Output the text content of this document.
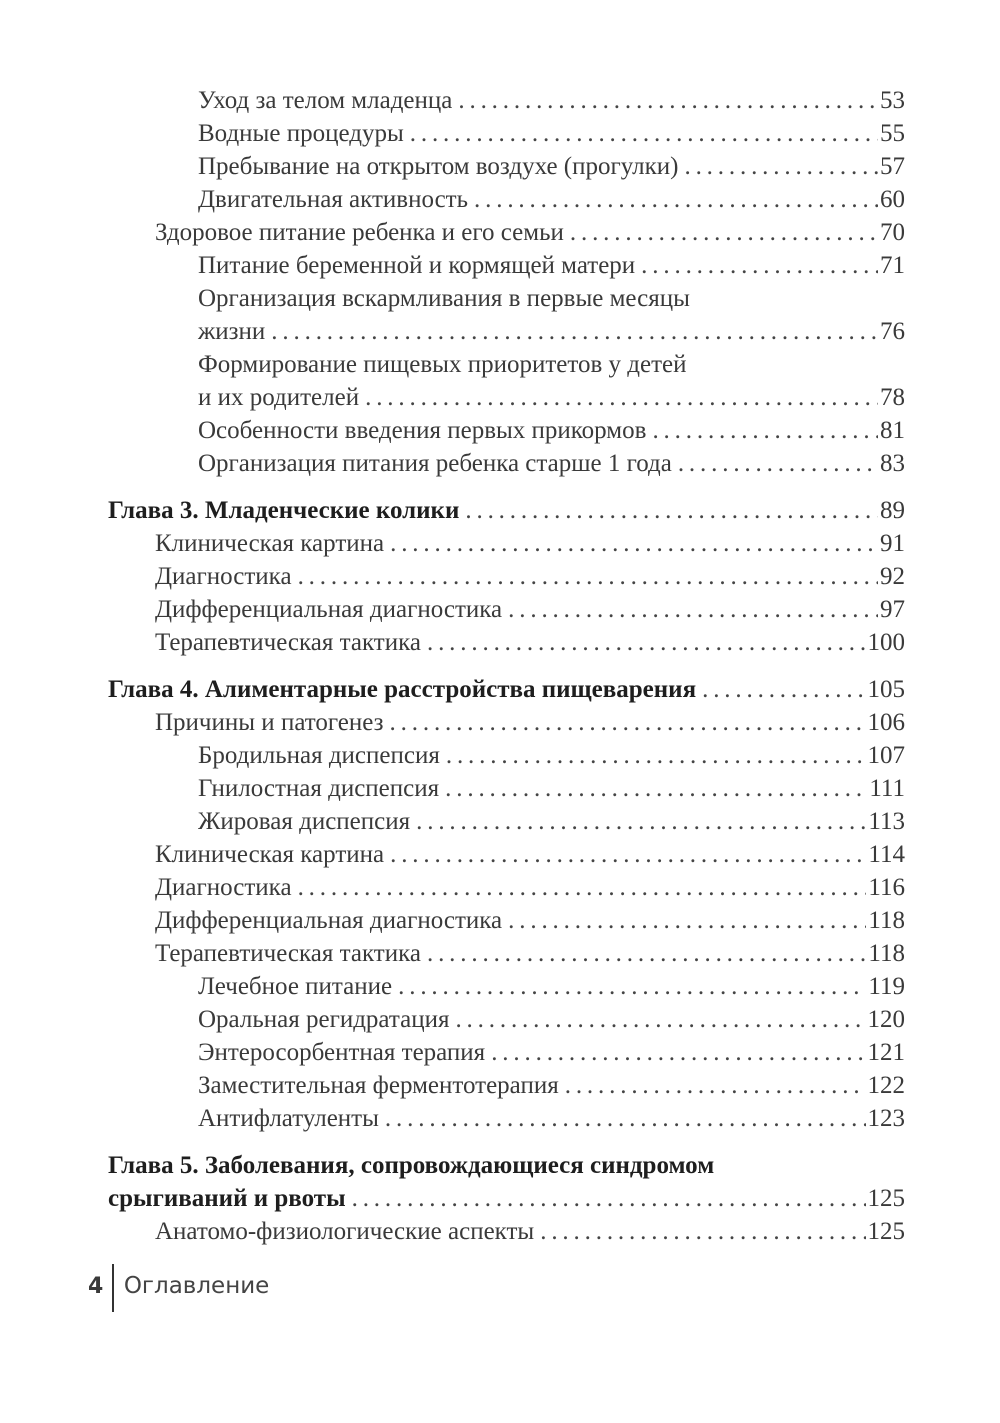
Уход за телом младенца . . .	53
Водные процедуры . . .	55
Пребывание на открытом воздухе (прогулки) . . .	57
Двигательная активность . . .	60
Здоровое питание ребенка и его семьи . . .	70
Питание беременной и кормящей матери . . .	71
Организация вскармливания в первые месяцы
жизни . . .	76
Формирование пищевых приоритетов у детей
и их родителей . . .	78
Особенности введения первых прикормов . . .	81
Организация питания ребенка старше 1 года . . .	83
Глава 3. Младенческие колики . . .	89
Клиническая картина . . .	91
Диагностика . . .	92
Дифференциальная диагностика . . .	97
Терапевтическая тактика . . .	100
Глава 4. Алиментарные расстройства пищеварения . . .	105
Причины и патогенез . . .	106
Бродильная диспепсия . . .	107
Гнилостная диспепсия . . .	111
Жировая диспепсия . . .	113
Клиническая картина . . .	114
Диагностика . . .	116
Дифференциальная диагностика . . .	118
Терапевтическая тактика . . .	118
Лечебное питание . . .	119
Оральная регидратация . . .	120
Энтеросорбентная терапия . . .	121
Заместительная ферментотерапия . . .	122
Антифлатуленты . . .	123
Глава 5. Заболевания, сопровождающиеся синдромом
срыгиваний и рвоты . . .	125
Анатомо-физиологические аспекты . . .	125
4 Оглавление
